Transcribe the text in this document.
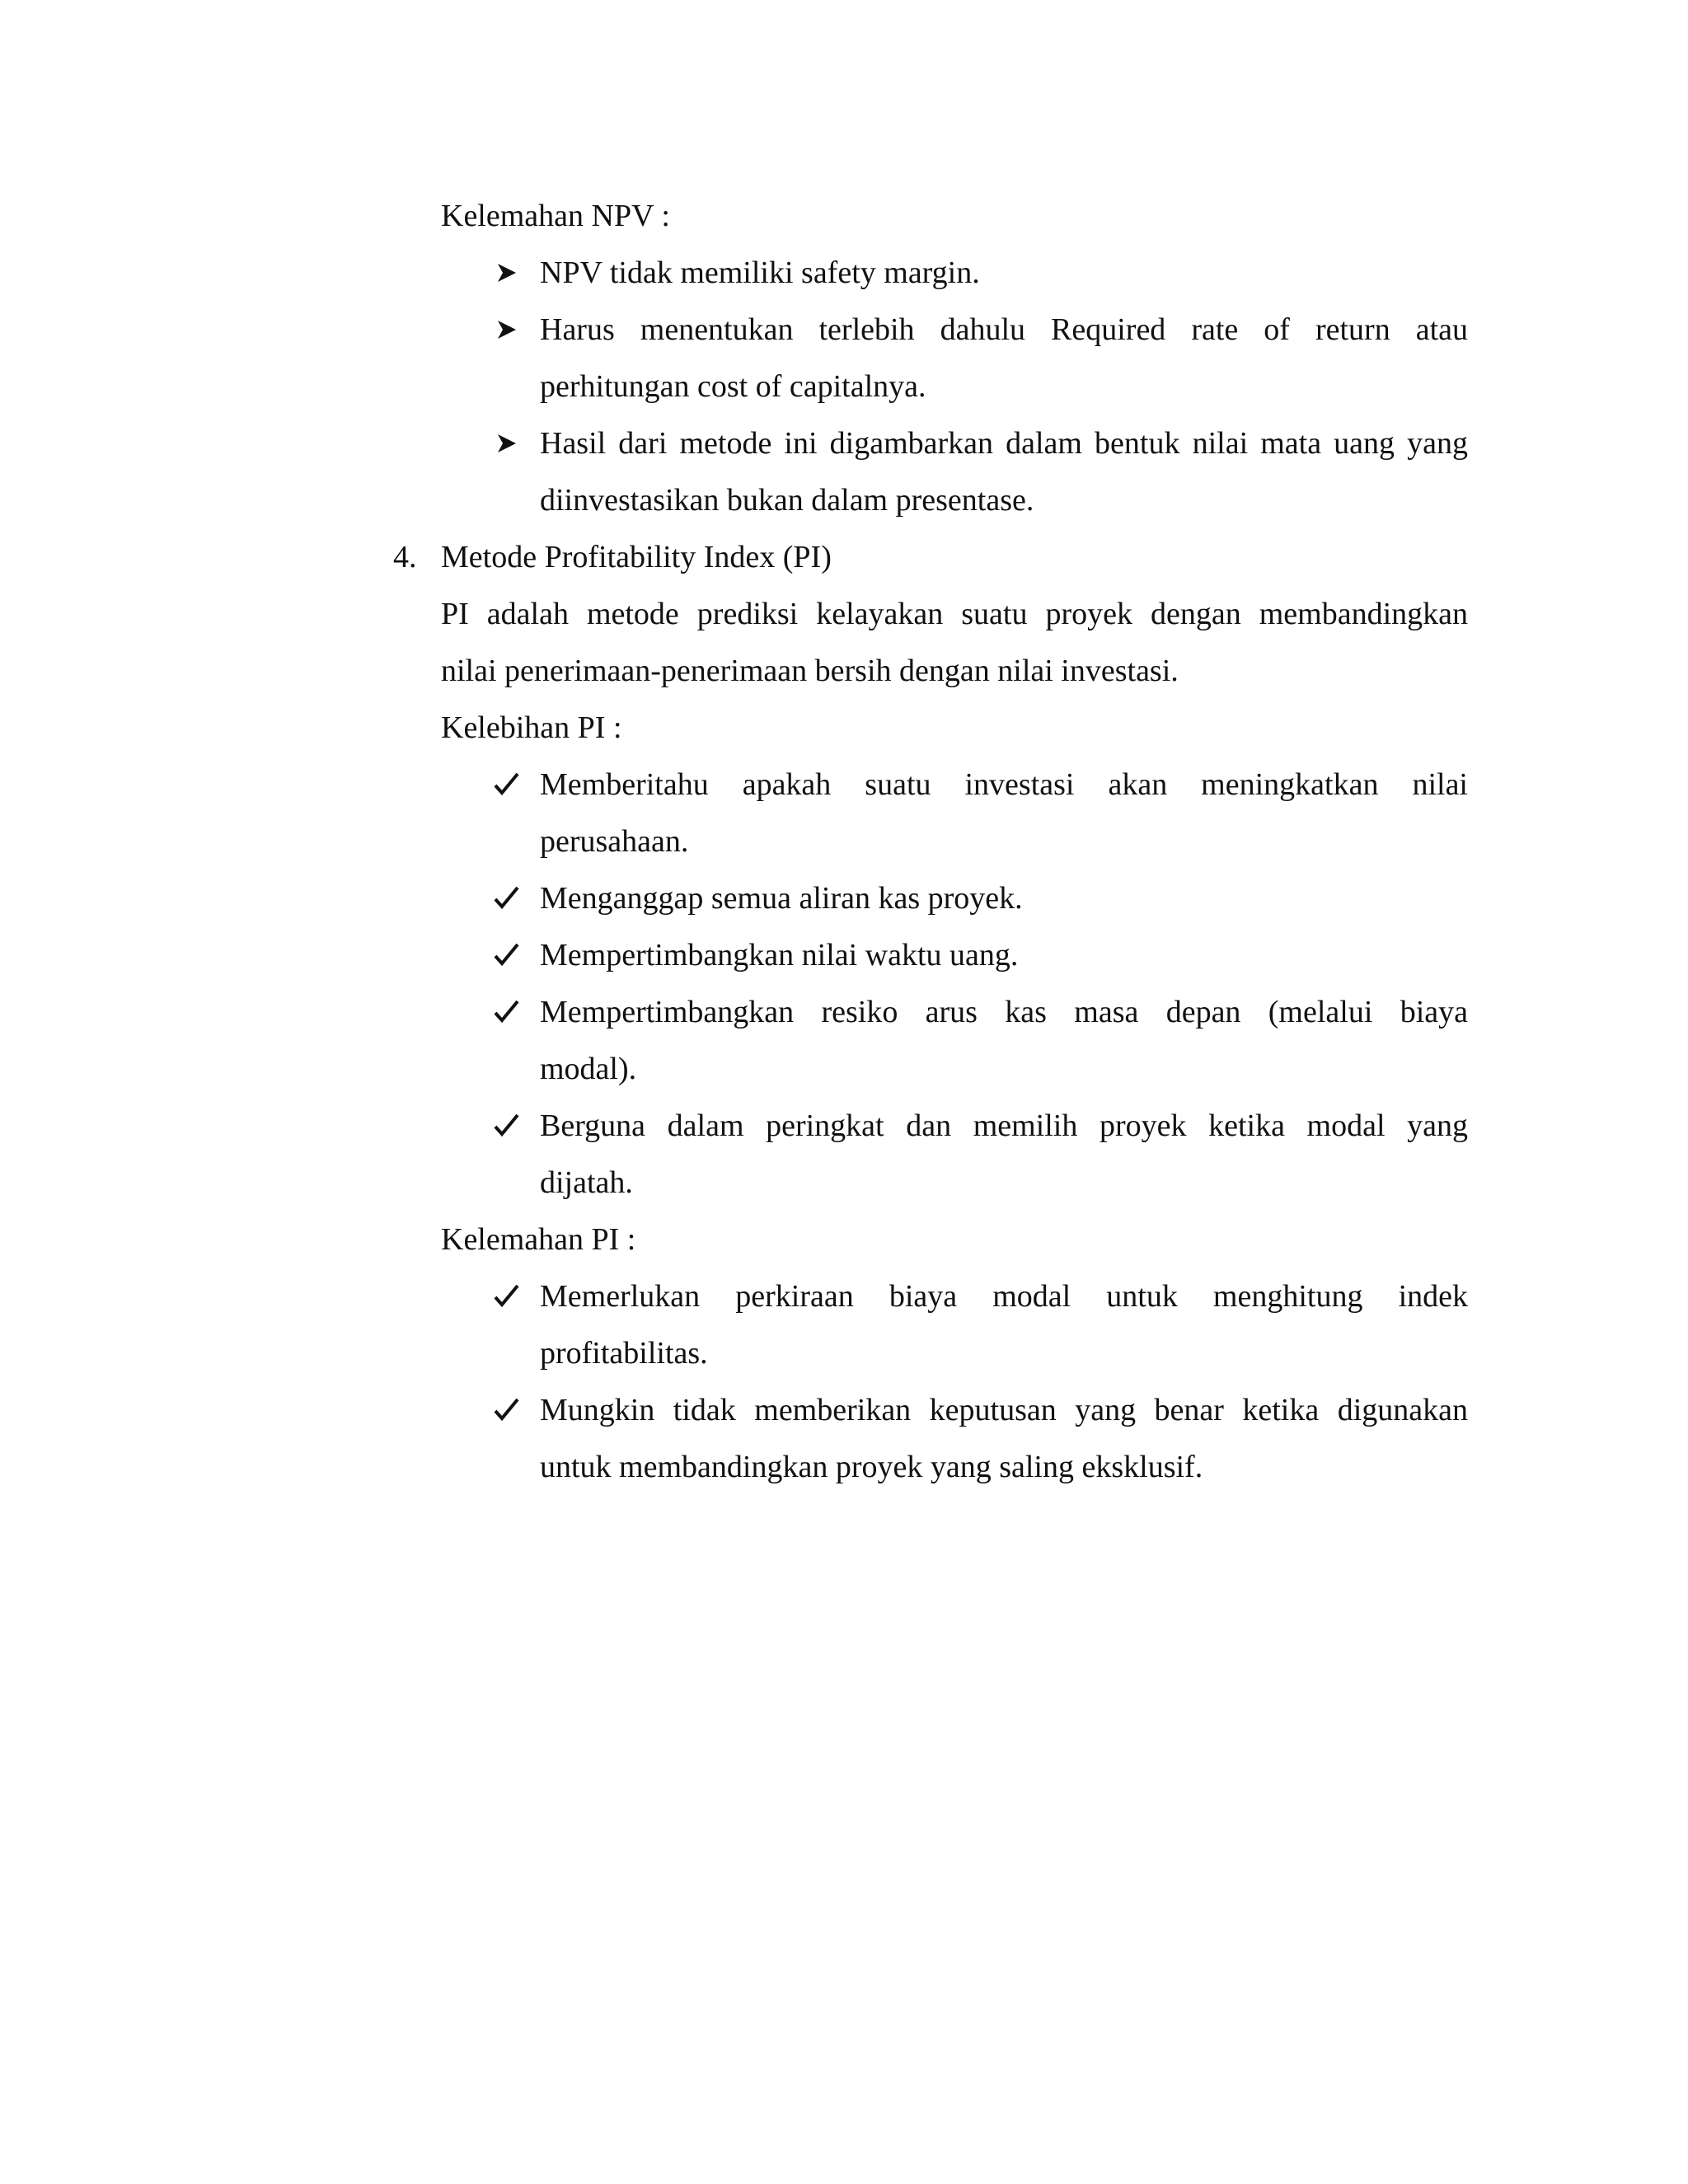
Kelemahan NPV :
NPV tidak memiliki safety margin.
Harus menentukan terlebih dahulu Required rate of return atau
perhitungan cost of capitalnya.
Hasil dari metode ini digambarkan dalam bentuk nilai mata uang yang
diinvestasikan bukan dalam presentase.
4. Metode Profitability Index (PI)
PI adalah metode prediksi kelayakan suatu proyek dengan membandingkan
nilai penerimaan-penerimaan bersih dengan nilai investasi.
Kelebihan PI :
Memberitahu apakah suatu investasi akan meningkatkan nilai
perusahaan.
Menganggap semua aliran kas proyek.
Mempertimbangkan nilai waktu uang.
Mempertimbangkan resiko arus kas masa depan (melalui biaya
modal).
Berguna dalam peringkat dan memilih proyek ketika modal yang
dijatah.
Kelemahan PI :
Memerlukan perkiraan biaya modal untuk menghitung indek
profitabilitas.
Mungkin tidak memberikan keputusan yang benar ketika digunakan
untuk membandingkan proyek yang saling eksklusif.
